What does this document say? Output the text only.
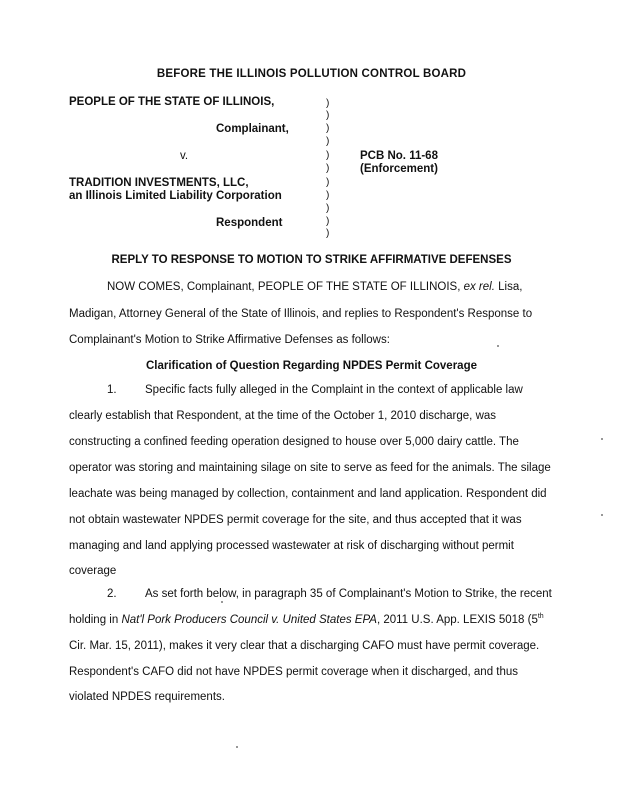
BEFORE THE ILLINOIS POLLUTION CONTROL BOARD
PEOPLE OF THE STATE OF ILLINOIS,
Complainant,
v.
TRADITION INVESTMENTS, LLC,
an Illinois Limited Liability Corporation
Respondent
)
)
)
)
)
)
)
)
)
)
)
PCB No. 11-68
(Enforcement)
REPLY TO RESPONSE TO MOTION TO STRIKE AFFIRMATIVE DEFENSES
NOW COMES, Complainant, PEOPLE OF THE STATE OF ILLINOIS, ex rel. Lisa,
Madigan, Attorney General of the State of Illinois, and replies to Respondent's Response to
Complainant's Motion to Strike Affirmative Defenses as follows:
Clarification of Question Regarding NPDES Permit Coverage
1. Specific facts fully alleged in the Complaint in the context of applicable law
clearly establish that Respondent, at the time of the October 1, 2010 discharge, was
constructing a confined feeding operation designed to house over 5,000 dairy cattle. The
operator was storing and maintaining silage on site to serve as feed for the animals. The silage
leachate was being managed by collection, containment and land application. Respondent did
not obtain wastewater NPDES permit coverage for the site, and thus accepted that it was
managing and land applying processed wastewater at risk of discharging without permit
coverage
2. As set forth below, in paragraph 35 of Complainant's Motion to Strike, the recent
holding in Nat'l Pork Producers Council v. United States EPA, 2011 U.S. App. LEXIS 5018 (5th
Cir. Mar. 15, 2011), makes it very clear that a discharging CAFO must have permit coverage.
Respondent's CAFO did not have NPDES permit coverage when it discharged, and thus
violated NPDES requirements.
